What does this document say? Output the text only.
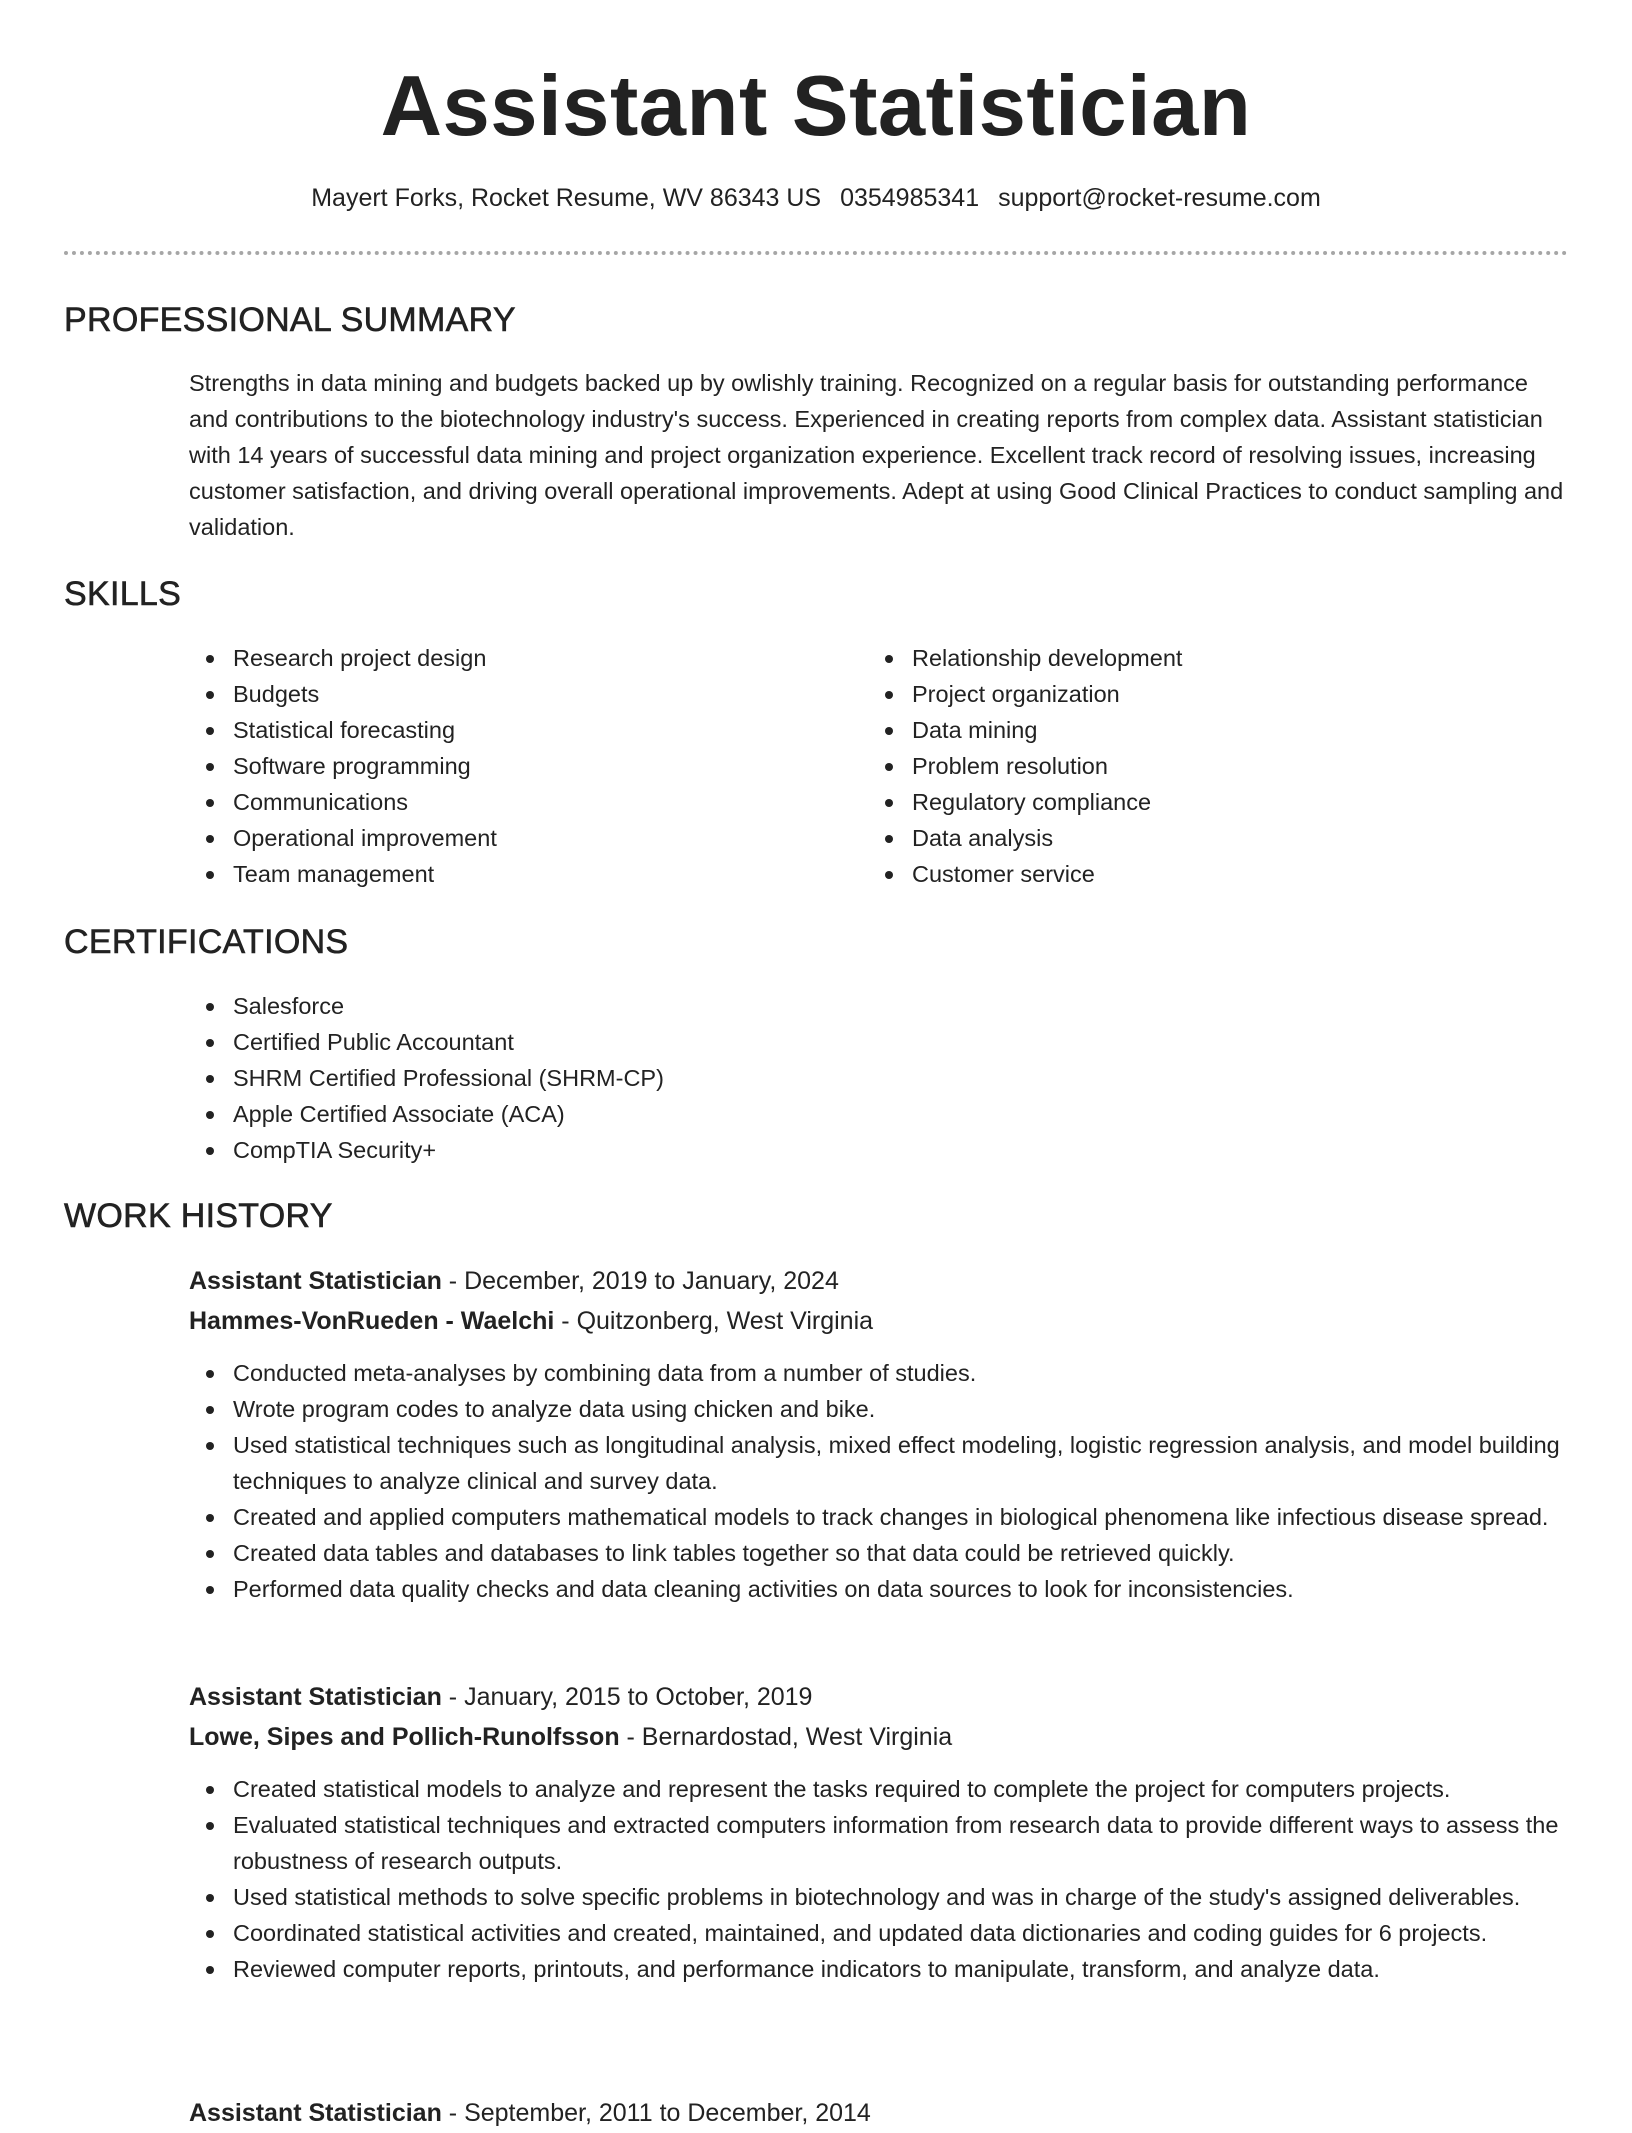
Assistant Statistician
Mayert Forks, Rocket Resume, WV 86343 US 0354985341 support@rocket-resume.com
PROFESSIONAL SUMMARY

Strengths in data mining and budgets backed up by owlishly training. Recognized on a regular basis for outstanding performance and contributions to the biotechnology industry's success. Experienced in creating reports from complex data. Assistant statistician with 14 years of successful data mining and project organization experience. Excellent track record of resolving issues, increasing customer satisfaction, and driving overall operational improvements. Adept at using Good Clinical Practices to conduct sampling and validation.

SKILLS
Research project design
Budgets
Statistical forecasting
Software programming
Communications
Operational improvement
Team management
Relationship development
Project organization
Data mining
Problem resolution
Regulatory compliance
Data analysis
Customer service
CERTIFICATIONS
Salesforce
Certified Public Accountant
SHRM Certified Professional (SHRM-CP)
Apple Certified Associate (ACA)
CompTIA Security+
WORK HISTORY
Assistant Statistician - December, 2019 to January, 2024
Hammes-VonRueden - Waelchi - Quitzonberg, West Virginia
Conducted meta-analyses by combining data from a number of studies.
Wrote program codes to analyze data using chicken and bike.
Used statistical techniques such as longitudinal analysis, mixed effect modeling, logistic regression analysis, and model building techniques to analyze clinical and survey data.
Created and applied computers mathematical models to track changes in biological phenomena like infectious disease spread.
Created data tables and databases to link tables together so that data could be retrieved quickly.
Performed data quality checks and data cleaning activities on data sources to look for inconsistencies.
Assistant Statistician - January, 2015 to October, 2019
Lowe, Sipes and Pollich-Runolfsson - Bernardostad, West Virginia
Created statistical models to analyze and represent the tasks required to complete the project for computers projects.
Evaluated statistical techniques and extracted computers information from research data to provide different ways to assess the robustness of research outputs.
Used statistical methods to solve specific problems in biotechnology and was in charge of the study's assigned deliverables.
Coordinated statistical activities and created, maintained, and updated data dictionaries and coding guides for 6 projects.
Reviewed computer reports, printouts, and performance indicators to manipulate, transform, and analyze data.
Assistant Statistician - September, 2011 to December, 2014
